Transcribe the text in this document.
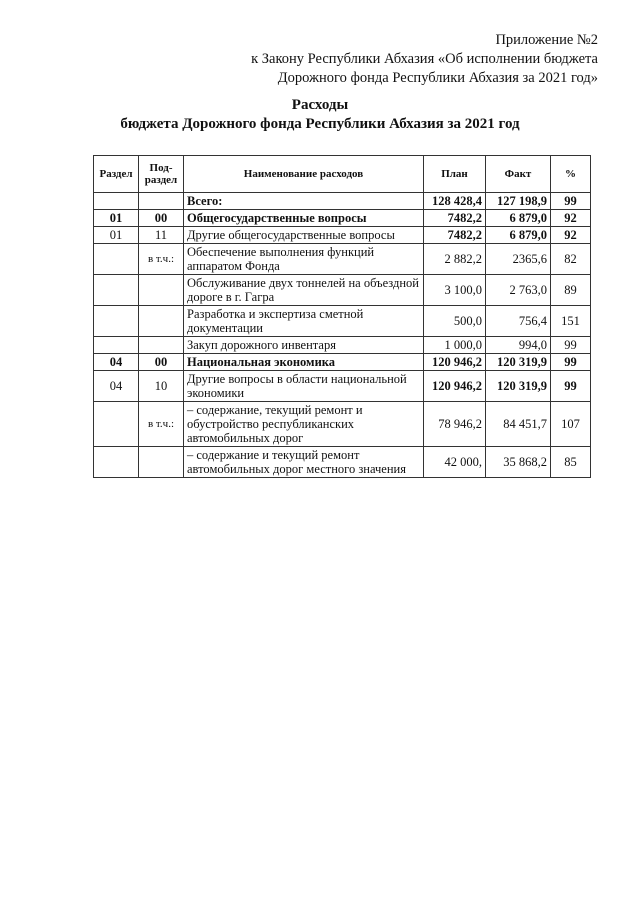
Приложение №2
к Закону Республики Абхазия «Об исполнении бюджета
Дорожного фонда Республики Абхазия за 2021 год»
Расходы
бюджета Дорожного фонда Республики Абхазия за 2021 год
Раздел	Под-раздел	Наименование расходов	План	Факт	%
		Всего:	128 428,4	127 198,9	99
01	00	Общегосударственные вопросы	7482,2	6 879,0	92
01	11	Другие общегосударственные вопросы	7482,2	6 879,0	92
	в т.ч.:	Обеспечение выполнения функций аппаратом Фонда	2 882,2	2365,6	82
		Обслуживание двух тоннелей на объездной дороге в г. Гагра	3 100,0	2 763,0	89
		Разработка и экспертиза сметной документации	500,0	756,4	151
		Закуп дорожного инвентаря	1 000,0	994,0	99
04	00	Национальная экономика	120 946,2	120 319,9	99
04	10	Другие вопросы в области национальной экономики	120 946,2	120 319,9	99
	в т.ч.:	– содержание, текущий ремонт и обустройство республиканских автомобильных дорог	78 946,2	84 451,7	107
		– содержание и текущий ремонт автомобильных дорог местного значения	42 000,	35 868,2	85
